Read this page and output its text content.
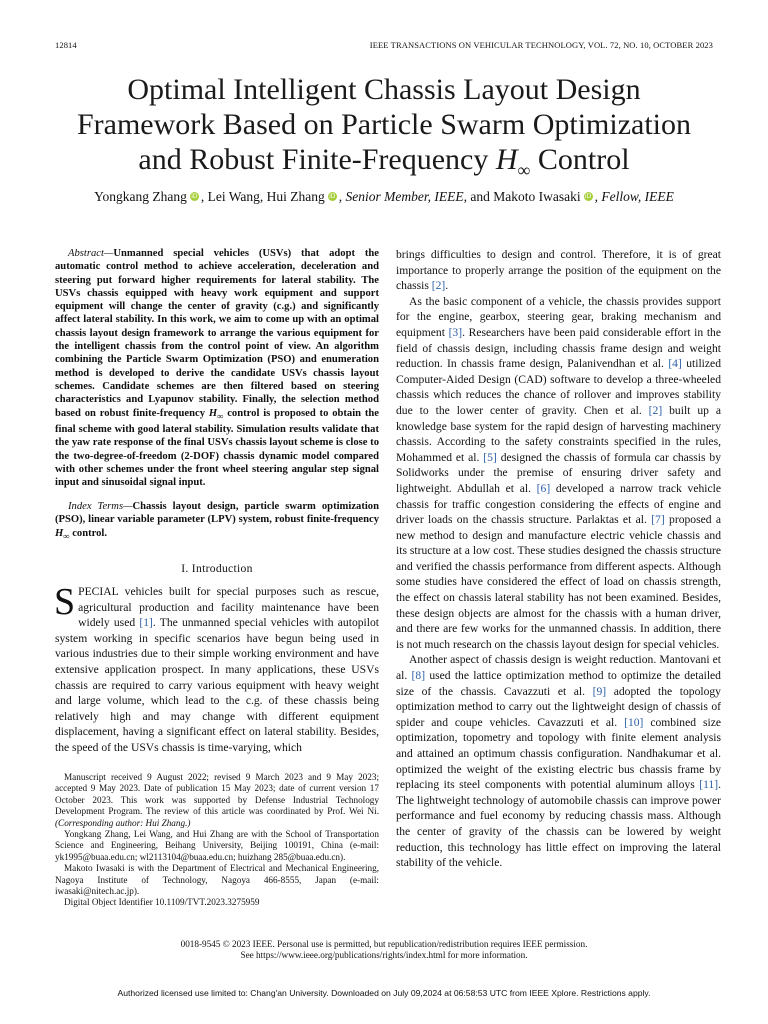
12814	IEEE TRANSACTIONS ON VEHICULAR TECHNOLOGY, VOL. 72, NO. 10, OCTOBER 2023
Optimal Intelligent Chassis Layout Design
Framework Based on Particle Swarm Optimization
and Robust Finite-Frequency $H_\infty$ Control
Yongkang Zhang iD , Lei Wang, Hui Zhang iD , Senior Member, IEEE, and Makoto Iwasaki iD , Fellow, IEEE

Abstract—Unmanned special vehicles (USVs) that adopt the automatic control method to achieve acceleration, deceleration and steering put forward higher requirements for lateral stability. The USVs chassis equipped with heavy work equipment and support equipment will change the center of gravity (c.g.) and significantly affect lateral stability. In this work, we aim to come up with an optimal chassis layout design framework to arrange the various equipment for the intelligent chassis from the control point of view. An algorithm combining the Particle Swarm Optimization (PSO) and enumeration method is developed to derive the candidate USVs chassis layout schemes. Candidate schemes are then filtered based on steering characteristics and Lyapunov stability. Finally, the selection method based on robust finite-frequency $H_\infty$ control is proposed to obtain the final scheme with good lateral stability. Simulation results validate that the yaw rate response of the final USVs chassis layout scheme is close to the two-degree-of-freedom (2-DOF) chassis dynamic model compared with other schemes under the front wheel steering angular step signal input and sinusoidal signal input.

Index Terms—Chassis layout design, particle swarm optimization (PSO), linear variable parameter (LPV) system, robust finite-frequency $H_\infty$ control.

I. Introduction

SPECIAL vehicles built for special purposes such as rescue, agricultural production and facility maintenance have been widely used [1]. The unmanned special vehicles with autopilot system working in specific scenarios have begun being used in various industries due to their simple working environment and have extensive application prospect. In many applications, these USVs chassis are required to carry various equipment with heavy weight and large volume, which lead to the c.g. of these chassis being relatively high and may change with different equipment displacement, having a significant effect on lateral stability. Besides, the speed of the USVs chassis is time-varying, which

Manuscript received 9 August 2022; revised 9 March 2023 and 9 May 2023; accepted 9 May 2023. Date of publication 15 May 2023; date of current version 17 October 2023. This work was supported by Defense Industrial Technology Development Program. The review of this article was coordinated by Prof. Wei Ni. (Corresponding author: Hui Zhang.)

Yongkang Zhang, Lei Wang, and Hui Zhang are with the School of Transportation Science and Engineering, Beihang University, Beijing 100191, China (e-mail: yk1995@buaa.edu.cn; wl2113104@buaa.edu.cn; huizhang 285@buaa.edu.cn).

Makoto Iwasaki is with the Department of Electrical and Mechanical Engineering, Nagoya Institute of Technology, Nagoya 466-8555, Japan (e-mail: iwasaki@nitech.ac.jp).

Digital Object Identifier 10.1109/TVT.2023.3275959

brings difficulties to design and control. Therefore, it is of great importance to properly arrange the position of the equipment on the chassis [2].

As the basic component of a vehicle, the chassis provides support for the engine, gearbox, steering gear, braking mechanism and equipment [3]. Researchers have been paid considerable effort in the field of chassis design, including chassis frame design and weight reduction. In chassis frame design, Palanivendhan et al. [4] utilized Computer-Aided Design (CAD) software to develop a three-wheeled chassis which reduces the chance of rollover and improves stability due to the lower center of gravity. Chen et al. [2] built up a knowledge base system for the rapid design of harvesting machinery chassis. According to the safety constraints specified in the rules, Mohammed et al. [5] designed the chassis of formula car chassis by Solidworks under the premise of ensuring driver safety and lightweight. Abdullah et al. [6] developed a narrow track vehicle chassis for traffic congestion considering the effects of engine and driver loads on the chassis structure. Parlaktas et al. [7] proposed a new method to design and manufacture electric vehicle chassis and its structure at a low cost. These studies designed the chassis structure and verified the chassis performance from different aspects. Although some studies have considered the effect of load on chassis strength, the effect on chassis lateral stability has not been examined. Besides, these design objects are almost for the chassis with a human driver, and there are few works for the unmanned chassis. In addition, there is not much research on the chassis layout design for special vehicles.

Another aspect of chassis design is weight reduction. Mantovani et al. [8] used the lattice optimization method to optimize the detailed size of the chassis. Cavazzuti et al. [9] adopted the topology optimization method to carry out the lightweight design of chassis of spider and coupe vehicles. Cavazzuti et al. [10] combined size optimization, topometry and topology with finite element analysis and attained an optimum chassis configuration. Nandhakumar et al. optimized the weight of the existing electric bus chassis frame by replacing its steel components with potential aluminum alloys [11]. The lightweight technology of automobile chassis can improve power performance and fuel economy by reducing chassis mass. Although the center of gravity of the chassis can be lowered by weight reduction, this technology has little effect on improving the lateral stability of the vehicle.

0018-9545 © 2023 IEEE. Personal use is permitted, but republication/redistribution requires IEEE permission.
See https://www.ieee.org/publications/rights/index.html for more information.
Authorized licensed use limited to: Chang'an University. Downloaded on July 09,2024 at 06:58:53 UTC from IEEE Xplore. Restrictions apply.
